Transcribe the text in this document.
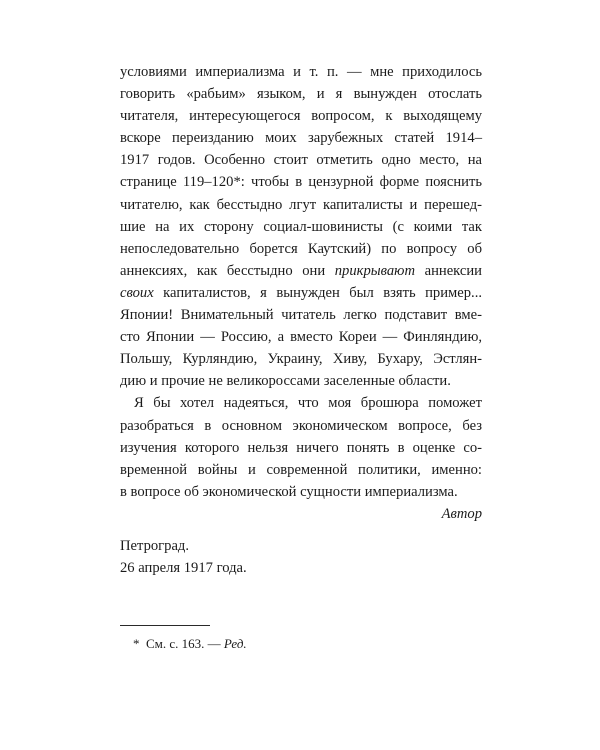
условиями империализма и т. п. — мне приходилось
говорить «рабьим» языком, и я вынужден отослать
читателя, интересующегося вопросом, к выходящему
вскоре переизданию моих зарубежных статей 1914–
1917 годов. Особенно стоит отметить одно место, на
странице 119–120*: чтобы в цензурной форме пояснить
читателю, как бесстыдно лгут капиталисты и перешед-
шие на их сторону социал-шовинисты (с коими так
непоследовательно борется Каутский) по вопросу об
аннексиях, как бесстыдно они прикрывают аннексии
своих капиталистов, я вынужден был взять пример...
Японии! Внимательный читатель легко подставит вме-
сто Японии — Россию, а вместо Кореи — Финляндию,
Польшу, Курляндию, Украину, Хиву, Бухару, Эстлян-
дию и прочие не великороссами заселенные области.
Я бы хотел надеяться, что моя брошюра поможет
разобраться в основном экономическом вопросе, без
изучения которого нельзя ничего понять в оценке со-
временной войны и современной политики, именно:
в вопросе об экономической сущности империализма.
Автор
Петроград.
26 апреля 1917 года.
* См. с. 163. — Ред.
